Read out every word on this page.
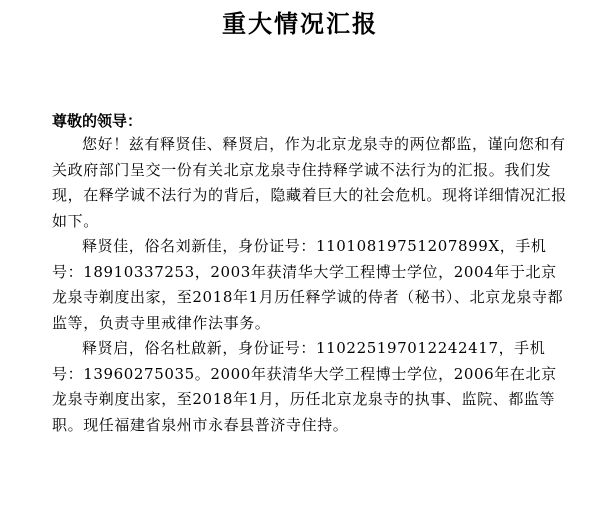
重大情况汇报
尊敬的领导：

您好！兹有释贤佳、释贤启，作为北京龙泉寺的两位都监，谨向您和有关政府部门呈交一份有关北京龙泉寺住持释学诚不法行为的汇报。我们发现，在释学诚不法行为的背后，隐藏着巨大的社会危机。现将详细情况汇报如下。

释贤佳，俗名刘新佳，身份证号：11010819751207899X，手机号：18910337253，2003年获清华大学工程博士学位，2004年于北京龙泉寺剃度出家，至2018年1月历任释学诚的侍者（秘书）、北京龙泉寺都监等，负责寺里戒律作法事务。

释贤启，俗名杜啟新，身份证号：110225197012242417，手机号：13960275035。2000年获清华大学工程博士学位，2006年在北京龙泉寺剃度出家，至2018年1月，历任北京龙泉寺的执事、监院、都监等职。现任福建省泉州市永春县普济寺住持。
